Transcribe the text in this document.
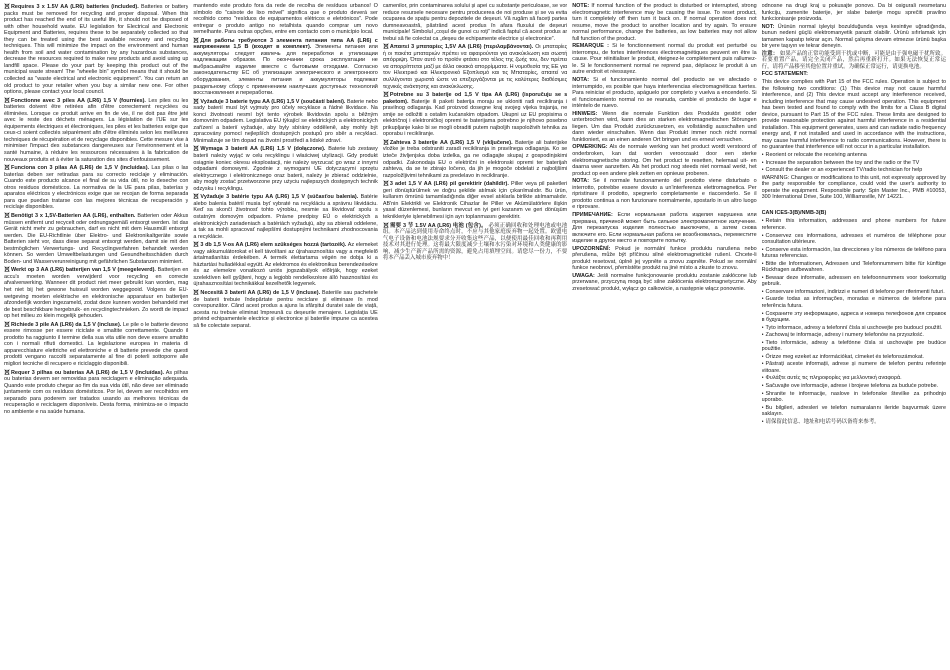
Requires 3 x 1.5V AA (LR6) batteries (included). Batteries or battery packs must be removed for recycling and proper disposal. When this product has reached the end of its useful life, it should not be disposed of with other household waste. EU legislation for Electrical and Electronic Equipment and Batteries, requires these to be separately collected so that they can be treated using the best available recovery and recycling techniques. This will minimize the impact on the environment and human health from soil and water contamination by any hazardous substances, decrease the resources required to make new products and avoid using up landfill space. Please do your part by keeping this product out of the municipal waste stream! The "wheelie bin" symbol means that it should be collected as "waste electrical and electronic equipment". You can return an old product to your retailer when you buy a similar new one. For other options, please contact your local council.

Fonctionne avec 3 piles AA (LR6) 1,5 V (fournies). Les piles ou les batteries doivent être retirées afin d'être correctement recyclées ou éliminées. Lorsque ce produit arrive en fin de vie, il ne doit pas être jeté avec le reste des déchets ménagers. La législation de l'UE sur les équipements électriques et électroniques, les piles et les batteries exige que ceux-ci soient collectés séparément afin d'être éliminés selon les meilleures techniques de récupération et de recyclage disponibles. Cette mesure vise à minimiser l'impact des substances dangereuses sur l'environnement et la santé humaine, à réduire les ressources nécessaires à la fabrication de nouveaux produits et à éviter la saturation des sites d'enfouissement.

Funciona con 3 pilas AA (LR6) de 1,5 V (incluidas). Las pilas o las baterías deben ser retiradas para su correcto reciclaje y eliminación. Cuando este producto alcance el final de su vida útil, no lo deseche con otros residuos domésticos. La normativa de la UE para pilas, baterías y aparatos eléctricos y electrónicos exige que se recojan de forma separada para que puedan tratarse con las mejores técnicas de recuperación y reciclaje disponibles.

Benötigt 3 x 1,5V-Batterien AA (LR6), enthalten. Batterien oder Akkus müssen entfernt und recycelt oder ordnungsgemäß entsorgt werden. Ist das Gerät nicht mehr zu gebrauchen, darf es nicht mit dem Hausmüll entsorgt werden. Die EU-Richtlinie über Elektro- und Elektronikaltgeräte sowie Batterien sieht vor, dass diese separat entsorgt werden, damit sie mit den bestmöglichen Verwertungs- und Recyclingverfahren behandelt werden können. So werden Umweltbelastungen und Gesundheitsschäden durch Boden- und Wasserverunreinigung mit gefährlichen Substanzen minimiert.

Werkt op 3 AA (LR6) batterijen van 1,5 V (meegeleverd). Batterijen en accu's moeten worden verwijderd voor recycling en correcte afvalverwerking. Wanneer dit product niet meer gebruikt kan worden, mag het niet bij het gewone huisvuil worden weggegooid. Volgens de EU-wetgeving moeten elektrische en elektronische apparatuur en batterijen afzonderlijk worden ingezameld, zodat deze kunnen worden behandeld met de best beschikbare hergebruik- en recyclingtechnieken. Zo wordt de impact op het milieu zo klein mogelijk gehouden.

Richiede 3 pile AA (LR6) da 1,5 V (incluse). Le pile o le batterie devono essere rimosse per essere riciclate e smaltite correttamente. Quando il prodotto ha raggiunto il termine della sua vita utile non deve essere smaltito con i normali rifiuti domestici. La legislazione europea in materia di apparecchiature elettriche ed elettroniche e di batterie prevede che questi prodotti vengano raccolti separatamente al fine di poterli sottoporre alle migliori tecniche di recupero e riciclaggio disponibili.

Requer 3 pilhas ou baterias AA (LR6) de 1,5 V (incluídas). As pilhas ou baterias devem ser removidas para reciclagem e eliminação adequada. Quando este produto chegar ao fim da sua vida útil, não deve ser eliminado juntamente com os resíduos domésticos. Por lei, devem ser recolhidos em separado para poderem ser tratados usando as melhores técnicas de recuperação e reciclagem disponíveis. Desta forma, minimiza-se o impacto no ambiente e na saúde humana.

mantendo este produto fora da rede de recolha de resíduos urbanos! O símbolo do "caixote de lixo móvel" significa que o produto deverá ser recolhido como "resíduos de equipamentos elétricos e eletrónicos". Pode entregar o produto antigo no retalhista quando comprar um novo semelhante. Para outras opções, entre em contacto com o município local.

Для работы требуются 3 элемента питания типа AA (LR6) с напряжением 1,5 В (входят в комплект). Элементы питания или аккумуляторы следует извлечь для переработки и утилизации надлежащим образом. По окончании срока эксплуатации не выбрасывайте изделие вместе с бытовыми отходами. Согласно законодательству ЕС об утилизации электрического и электронного оборудования, элементы питания и аккумуляторы подлежат раздельному сбору с применением наилучших доступных технологий восстановления и переработки.

Vyžaduje 3 baterie typu AA (LR6) 1,5 V (součástí balení). Baterie nebo sady baterií musí být vyjmuty pro účely recyklace a řádné likvidace. Na konci životnosti nesmí být tento výrobek likvidován spolu s běžným domovním odpadem. Legislativa EU týkající se elektrických a elektronických zařízení a baterií vyžaduje, aby byly sbírány odděleně, aby mohly být zpracovány pomocí nejlepších dostupných postupů pro sběr a recyklaci. Minimalizuje se tím dopad na životní prostředí a lidské zdraví.

Wymaga 3 baterii AA (LR6) 1,5 V (dołączone). Baterie lub zestawy baterii należy wyjąć w celu recyklingu i właściwej utylizacji. Gdy produkt osiągnie koniec okresu eksploatacji, nie należy wyrzucać go wraz z innymi odpadami domowymi. Zgodnie z wymogami UE dotyczącymi sprzętu elektrycznego i elektronicznego oraz baterii, należy je zbierać oddzielnie, aby mogły zostać przetworzone przy użyciu najlepszych dostępnych technik odzysku i recyklingu.

Vyžaduje 3 batérie typu AA (LR6) 1,5 V (súčasťou balenia). Batérie alebo balenia batérií musia byť vybraté na recykláciu a správnu likvidáciu. Keď sa skončí životnosť tohto výrobku, nesmie sa likvidovať spolu s ostatným domovým odpadom. Právne predpisy EÚ o elektrických a elektronických zariadeniach a batériách vyžadujú, aby sa zbierali oddelene, a tak sa mohli spracovať najlepšími dostupnými technikami zhodnocovania a recyklácie.

3 db 1,5 V-os AA (LR6) elem szükséges hozzá (tartozék). Az elemeket vagy akkumulátorokat el kell távolítani az újrahasznosítás vagy a megfelelő ártalmatlanítás érdekében. A termék élettartama végén ne dobja ki a háztartási hulladékkal együtt. Az elektromos és elektronikus berendezésekre és az elemekre vonatkozó uniós jogszabályok előírják, hogy ezeket szelektíven kell gyűjteni, hogy a legjobb rendelkezésre álló hasznosítási és újrahasznosítási technikákkal kezelhetők legyenek.

Necesită 3 baterii AA (LR6) de 1,5 V (incluse). Bateriile sau pachetele de baterii trebuie îndepărtate pentru reciclare și eliminare în mod corespunzător. Când acest produs a ajuns la sfârșitul duratei sale de viață, acesta nu trebuie eliminat împreună cu deșeurile menajere. Legislația UE privind echipamentele electrice și electronice și bateriile impune ca acestea să fie colectate separat.

camenilor, prin contaminarea solului și apei cu substanțe periculoase, se vor reduce resursele necesare pentru producerea de noi produse și se va evita ocuparea de spațiu pentru depozitele de deșeuri. Vă rugăm să faceți partea dumneavoastră, păstrând acest produs în afara fluxului de deșeuri municipale! Simbolul „coșul de gunoi cu roți” indică faptul că acest produs ar trebui să fie colectat ca „deșeu de echipamente electrice și electronice”.

Απαιτεί 3 μπαταρίες 1,5V AA (LR6) (περιλαμβάνονται). Οι μπαταρίες ή οι πακέτα μπαταριών πρέπει να αφαιρούνται για ανακύκλωση και σωστή απόρριψη. Όταν αυτό το προϊόν φτάσει στο τέλος της ζωής του, δεν πρέπει να απορρίπτεται μαζί με άλλα οικιακά απορρίμματα. Η νομοθεσία της ΕΕ για τον Ηλεκτρικό και Ηλεκτρονικό Εξοπλισμό και τις Μπαταρίες, απαιτεί να συλλέγονται χωριστά ώστε να επεξεργάζονται με τις καλύτερες διαθέσιμες τεχνικές ανάκτησης και ανακύκλωσης.

Potrebne su 3 baterije od 1,5 V tipa AA (LR6) (isporučuju se s paketom). Baterije ili paketi baterija moraju se ukloniti radi recikliranja i pravilnog odlaganja. Kad proizvod dosegne kraj svojeg vijeka trajanja, ne smije se odložiti s ostalim kućanskim otpadom. Ukupni uz EU propisima o električnoj i elektroničkoj opremi te baterijama potrebno je njihovo posebno prikupljanje kako bi se mogli obraditi putem najboljih raspoloživih tehnika za oporabu i recikliranje.

Zahteva 3 baterije AA (LR6) 1,5 V (vključene). Baterije ali baterijske vložke je treba odstraniti zaradi recikliranja in pravilnega odlaganja. Ko se izteče življenjska doba izdelka, ga ne odlagajte skupaj z gospodinjskimi odpadki. Zakonodaja EU o električni in elektronski opremi ter baterijah zahteva, da se te zbirajo ločeno, da jih je mogoče obdelati z najboljšimi razpoložljivimi tehnikami za predelavo in recikliranje.

3 adet 1,5 V AA (LR6) pil gerektirir (dahildir). Piller veya pil paketleri geri dönüştürülmek ve doğru şekilde atılmak için çıkarılmalıdır. Bu ürün, kullanım ömrünü tamamladığında diğer evsel atıklarla birlikte atılmamalıdır. AB'nin Elektrikli ve Elektronik Cihazlar ile Piller ve Akümülatörlere ilişkin yasal düzenlemesi, bunların mevcut en iyi geri kazanım ve geri dönüşüm teknikleriyle işlenebilmesi için ayrı toplanmasını gerektirir.

需要 3 节 1.5V AA (LR6) 电池 (包含)。 必须正确回收和处理电池或电池组。本产品达到使用寿命终点时，不应与其他家庭废弃物一起处置。欧盟电气电子设备和电池法规要求分开收集这些产品，以便使用最佳回收和再利用技术对其进行处理。这将最大限度减少土壤和水污染对环境和人类健康的影响，减少生产新产品所需的资源，避免占用填埋空间。请您尽一份力，不要将本产品丢入城市废弃物中！

NOTE: If normal function of the product is disturbed or interrupted, strong electromagnetic interference may be causing the issue. To reset product, turn it completely off then turn it back on. If normal operation does not resume, move the product to another location and try again. To ensure normal performance, change the batteries, as low batteries may not allow full function of the product.

REMARQUE : Si le fonctionnement normal du produit est perturbé ou interrompu, de fortes interférences électromagnétiques peuvent en être la cause. Pour réinitialiser le produit, éteignez-le complètement puis rallumez-le. Si le fonctionnement normal ne reprend pas, déplacez le produit à un autre endroit et réessayez.

NOTA: Si el funcionamiento normal del producto se ve afectado o interrumpido, es posible que haya interferencias electromagnéticas fuertes. Para reiniciar el producto, apáguelo por completo y vuelva a encenderlo. Si el funcionamiento normal no se reanuda, cambie el producto de lugar e inténtelo de nuevo.

HINWEIS: Wenn die normale Funktion des Produkts gestört oder unterbrochen wird, kann dies an starken elektromagnetischen Störungen liegen. Um das Produkt zurückzusetzen, es vollständig ausschalten und dann wieder einschalten. Wenn das Produkt immer noch nicht normal funktioniert, es an einen anderen Ort bringen und es erneut versuchen.

OPMERKING: Als de normale werking van het product wordt verstoord of onderbroken, kan dat worden veroorzaakt door een sterke elektromagnetische storing. Om het product te resetten, helemaal uit- en daarna weer aanzetten. Als het product nog steeds niet normaal werkt, het product op een andere plek zetten en opnieuw proberen.

NOTA: Se il normale funzionamento del prodotto viene disturbato o interrotto, potrebbe essere dovuto a un'interferenza elettromagnetica. Per ripristinare il prodotto, spegnerlo completamente e riaccenderlo. Se il prodotto continua a non funzionare normalmente, spostarlo in un altro luogo e riprovare.

ПРИМЕЧАНИЕ: Если нормальная работа изделия нарушена или прервана, причиной может быть сильное электромагнитное излучение. Для перезапуска изделия полностью выключите, а затем снова включите его. Если нормальная работа не возобновилась, переместите изделие в другое место и повторите попытку.

UPOZORNĚNÍ: Pokud je normální funkce produktu narušena nebo přerušena, může být příčinou silné elektromagnetické rušení. Chcete-li produkt resetovat, úplně jej vypněte a znovu zapněte. Pokud se normální funkce neobnoví, přemístěte produkt na jiné místo a zkuste to znovu.

UWAGA: Jeśli normalne funkcjonowanie produktu zostanie zakłócone lub przerwane, przyczyną mogą być silne zakłócenia elektromagnetyczne. Aby zresetować produkt, wyłącz go całkowicie, a następnie włącz ponownie.

odnosne na drugi kraj u pokusajte ponovo. Da bi osigurali nesmetanu funkciju, zamenite baterije, jer slabe baterije mogu sprečiti pravilno funkcionisanje proizvoda.

NOT: Ürünün normal işleyişi bozulduğunda veya kesintiye uğradığında, bunun nedeni güçlü elektromanyetik parazit olabilir. Ürünü sıfırlamak için tamamen kapatıp tekrar açın. Normal çalışma devam etmezse ürünü başka bir yere taşıyın ve tekrar deneyin.

注意： 如果产品的正常功能受到干扰或中断，可能是由于强电磁干扰所致。若要重置产品，请完全关闭产品，然后再重新打开。如果无法恢复正常运行，请将产品移至其他位置并重试。为确保正常运行，请更换电池。

FCC STATEMENT:

This device complies with Part 15 of the FCC rules. Operation is subject to the following two conditions: (1) This device may not cause harmful interference, and (2) This device must accept any interference received, including interference that may cause undesired operation. This equipment has been tested and found to comply with the limits for a Class B digital device, pursuant to Part 15 of the FCC rules. These limits are designed to provide reasonable protection against harmful interference in a residential installation. This equipment generates, uses and can radiate radio frequency energy and, if not installed and used in accordance with the instructions, may cause harmful interference to radio communications. However, there is no guarantee that interference will not occur in a particular installation.

• Reorient or relocate the receiving antenna

• Increase the separation between the toy and the radio or the TV

• Consult the dealer or an experienced TV/radio technician for help

WARNING: Changes or modifications to this unit, not expressly approved by the party responsible for compliance, could void the user's authority to operate the equipment. Responsible party: Spin Master Inc., PMB #10053, 300 International Drive, Suite 100, Williamsville, NY 14221.

CAN ICES-3(B)/NMB-3(B)

• Retain this information, addresses and phone numbers for future reference.

• Conservez ces informations, adresses et numéros de téléphone pour consultation ultérieure.

• Conserve esta información, las direcciones y los números de teléfono para futuras referencias.

• Bitte die Informationen, Adressen und Telefonnummern bitte für künftige Rückfragen aufbewahren.

• Bewaar deze informatie, adressen en telefoonnummers voor toekomstig gebruik.

• Conservare informazioni, indirizzi e numeri di telefono per riferimenti futuri.

• Guarde todas as informações, moradas e números de telefone para referência futura.

• Сохраните эту информацию, адреса и номера телефонов для справок в будущем.

• Tyto informace, adresy a telefonní čísla si uschovejte pro budoucí použití.

• Zachowaj te informacje, adresy i numery telefonów na przyszłość.

• Tieto informácie, adresy a telefónne čísla si uschovajte pre budúce použitie.

• Őrizze meg ezeket az információkat, címeket és telefonszámokat.

• Păstrați aceste informații, adrese și numere de telefon pentru referințe viitoare.

• Φυλάξτε αυτές τις πληροφορίες για μελλοντική αναφορά.

• Sačuvajte ove informacije, adrese i brojeve telefona za buduće potrebe.

• Shranite te informacije, naslove in telefonske številke za prihodnjo uporabo.

• Bu bilgileri, adresleri ve telefon numaralarını ileride başvurmak üzere saklayın.

• 请保留此信息、地址和电话号码以备将来参考。
